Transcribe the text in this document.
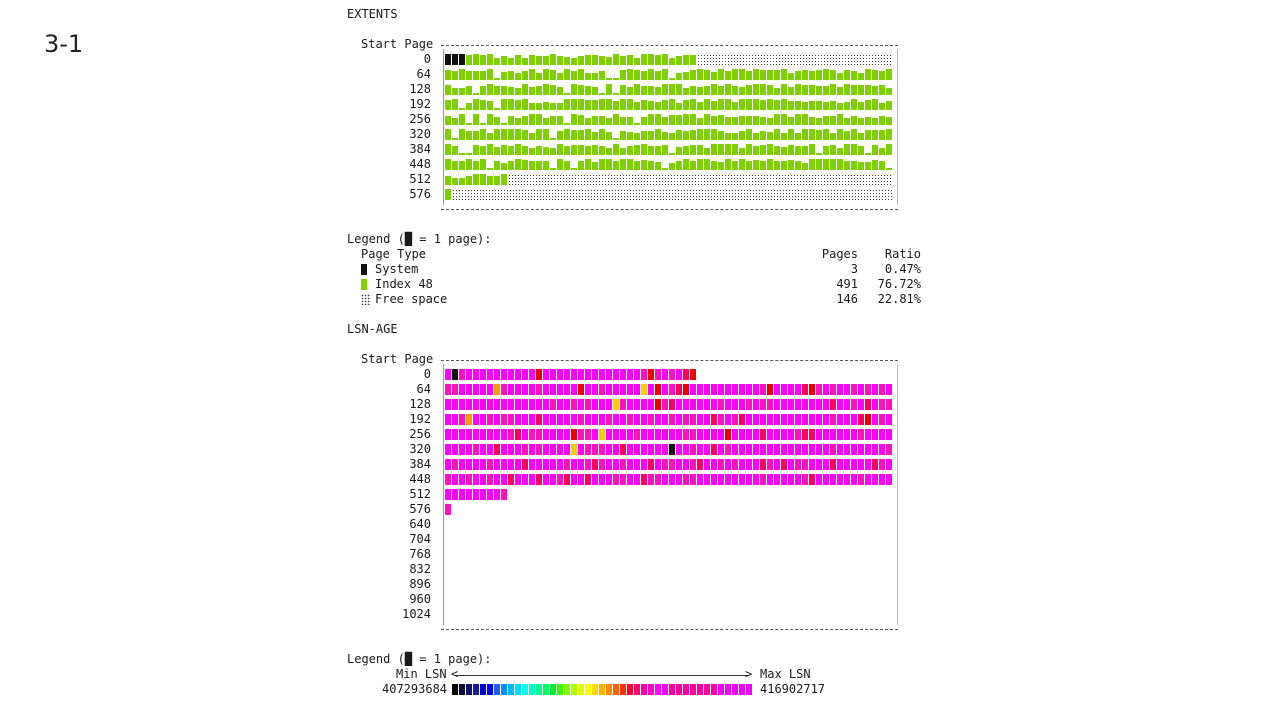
3-1
EXTENTS
Start Page
Legend (█ = 1 page):
Page Type	Pages	Ratio
LSN-AGE
Start Page
Legend (█ = 1 page):
Min LSN <	> Max LSN
407293684	416902717
0
64
128
192
256
320
384
448
512
576
System	3	0.47%
Index 48	491	76.72%
Free space	146	22.81%
0
64
128
192
256
320
384
448
512
576
640
704
768
832
896
960
1024
